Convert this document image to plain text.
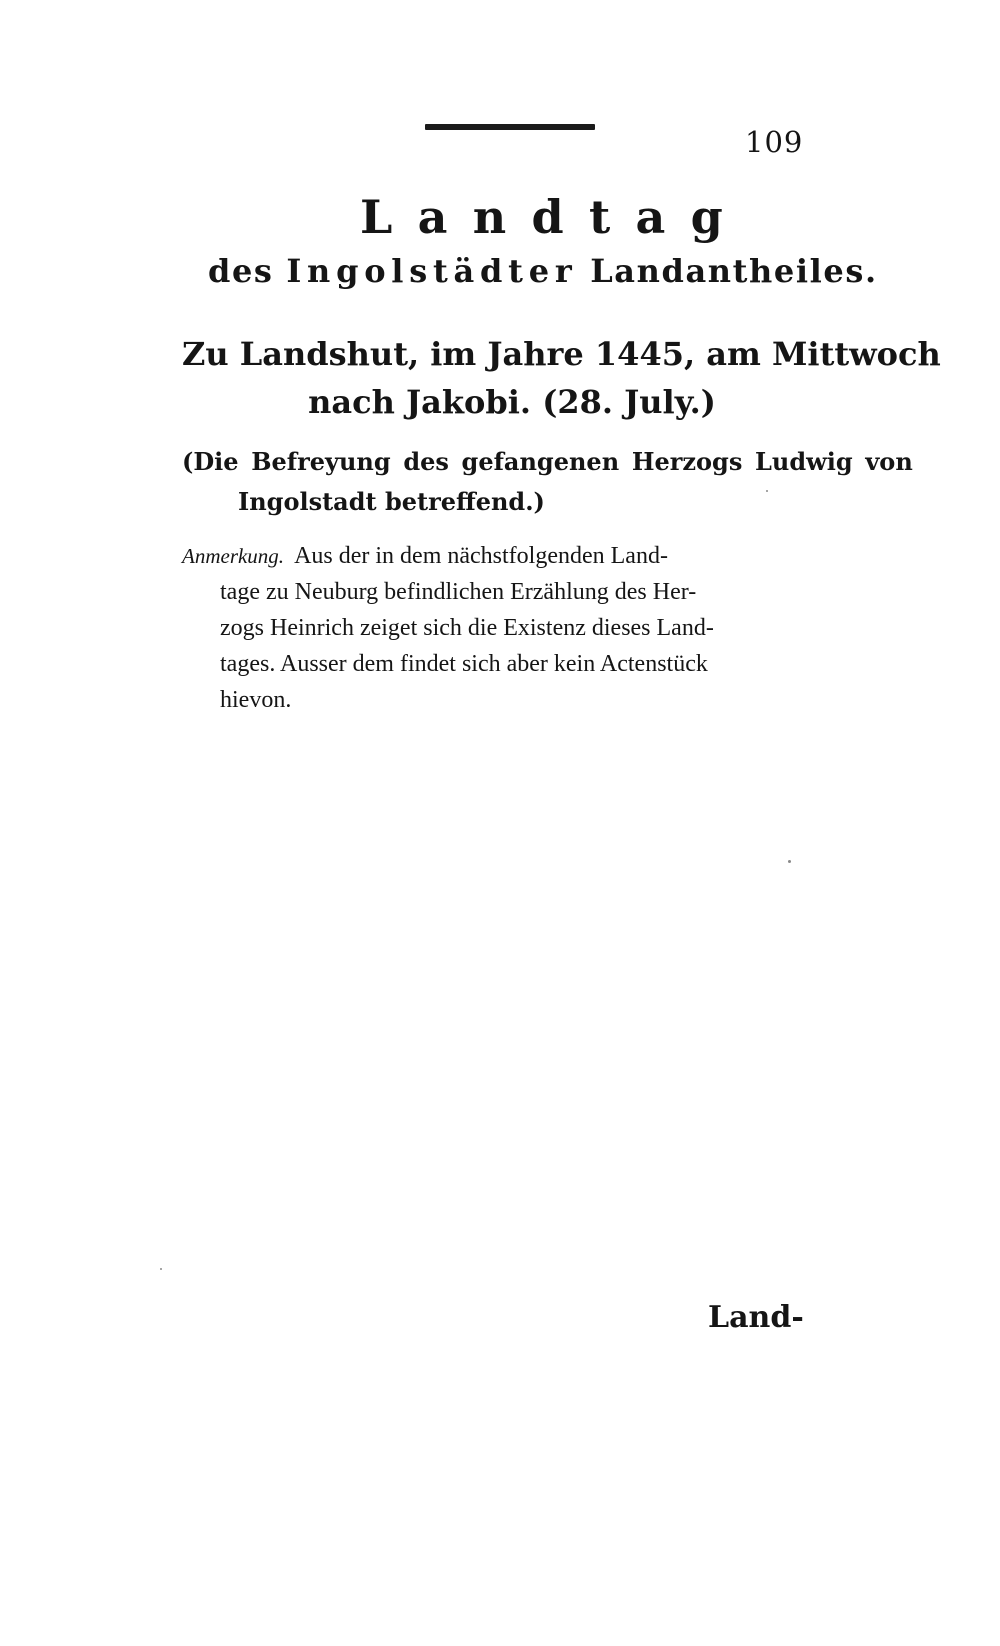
109
Landtag
des Ingolstädter Landantheiles.
Zu Landshut, im Jahre 1445, am Mittwoch
nach Jakobi. (28. July.)
(Die Befreyung des gefangenen Herzogs Ludwig von
Ingolstadt betreffend.)
Anmerkung. Aus der in dem nächstfolgenden Land-
tage zu Neuburg befindlichen Erzählung des Her-
zogs Heinrich zeiget sich die Existenz dieses Land-
tages. Ausser dem findet sich aber kein Actenstück
hievon.
Land-
